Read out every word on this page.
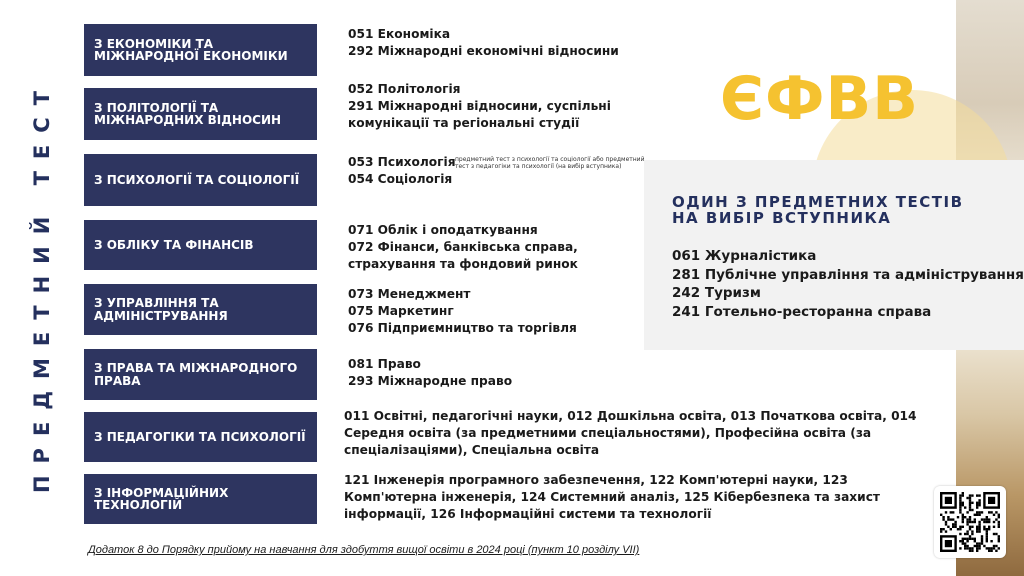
ПРЕДМЕТНИЙ ТЕСТ
З ЕКОНОМІКИ ТА МІЖНАРОДНОЇ ЕКОНОМІКИ
З ПОЛІТОЛОГІЇ ТА МІЖНАРОДНИХ ВІДНОСИН
З ПСИХОЛОГІЇ ТА СОЦІОЛОГІЇ
З ОБЛІКУ ТА ФІНАНСІВ
З УПРАВЛІННЯ ТА АДМІНІСТРУВАННЯ
З ПРАВА ТА МІЖНАРОДНОГО ПРАВА
З ПЕДАГОГІКИ ТА ПСИХОЛОГІЇ
З ІНФОРМАЦІЙНИХ ТЕХНОЛОГІЙ
051 Економіка
292 Міжнародні економічні відносини
052 Політологія
291 Міжнародні відносини, суспільні
комунікації та регіональні студії
053 Психологія
054 Соціологія
предметний тест з психології та соціології або предметний тест з педагогіки та психології (на вибір вступника)
071 Облік і оподаткування
072 Фінанси, банківська справа,
страхування та фондовий ринок
073 Менеджмент
075 Маркетинг
076 Підприємництво та торгівля
081 Право
293 Міжнародне право
011 Освітні, педагогічні науки, 012 Дошкільна освіта, 013 Початкова освіта, 014 Середня освіта (за предметними спеціальностями), Професійна освіта (за спеціалізаціями), Спеціальна освіта
121 Інженерія програмного забезпечення, 122 Комп'ютерні науки, 123 Комп'ютерна інженерія, 124 Системний аналіз, 125 Кібербезпека та захист інформації, 126 Інформаційні системи та технології
ЄФВВ
ОДИН З ПРЕДМЕТНИХ ТЕСТІВ
НА ВИБІР ВСТУПНИКА
061 Журналістика
281 Публічне управління та адміністрування
242 Туризм
241 Готельно-ресторанна справа
Додаток 8 до Порядку прийому на навчання для здобуття вищої освіти в 2024 році (пункт 10 розділу VII)
